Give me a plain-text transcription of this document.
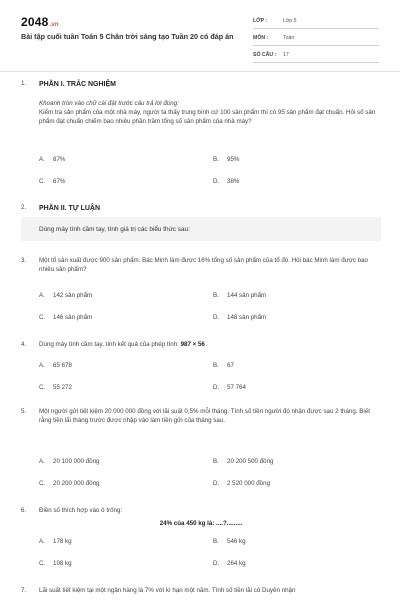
2048.vn
Bài tập cuối tuần Toán 5 Chân trời sáng tạo Tuần 20 có đáp án
LỚP :	Lớp 5
MÔN :	Toán
SỐ CÂU :	17
1. PHẦN I. TRẮC NGHIỆM
Khoanh tròn vào chữ cái đặt trước câu trả lời đúng:
Kiểm tra sản phẩm của một nhà máy, người ta thấy trung bình cứ 100 sản phẩm thì có 95 sản phẩm đạt chuẩn. Hỏi số sản phẩm đạt chuẩn chiếm bao nhiêu phần trăm tổng số sản phẩm của nhà máy?
A.	87%	B.	95%
C.	67%	D.	38%
2. PHẦN II. TỰ LUẬN
Dùng máy tính cầm tay, tính giá trị các biểu thức sau:
3. Một tổ sản xuất được 900 sản phẩm. Bác Minh làm được 16% tổng số sản phẩm của tổ đó. Hỏi bác Minh làm được bao nhiêu sản phẩm?
A.	142 sản phẩm	B.	144 sản phẩm
C.	146 sản phẩm	D.	148 sản phẩm
4. Dùng máy tính cầm tay, tính kết quả của phép tính: 987 × 56
A.	65 678	B.	67
C.	55 272	D.	57 764
5. Một người gửi tiết kiệm 20 000 000 đồng với lãi suất 0,5% mỗi tháng. Tính số tiền người đó nhận được sau 2 tháng. Biết rằng tiền lãi tháng trước được nhập vào làm tiền gửi của tháng sau.
A.	20 100 000 đồng	B.	20 200 500 đồng
C.	20 200 000 đồng	D.	2 520 000 đồng
6. Điền số thích hợp vào ô trống:
24% của 450 kg là: ....?.........
A.	178 kg	B.	546 kg
C.	108 kg	D.	264 kg
7. Lãi suất tiết kiệm tại một ngân hàng là 7% với kì hạn một năm. Tính số tiền lãi cô Duyên nhận
